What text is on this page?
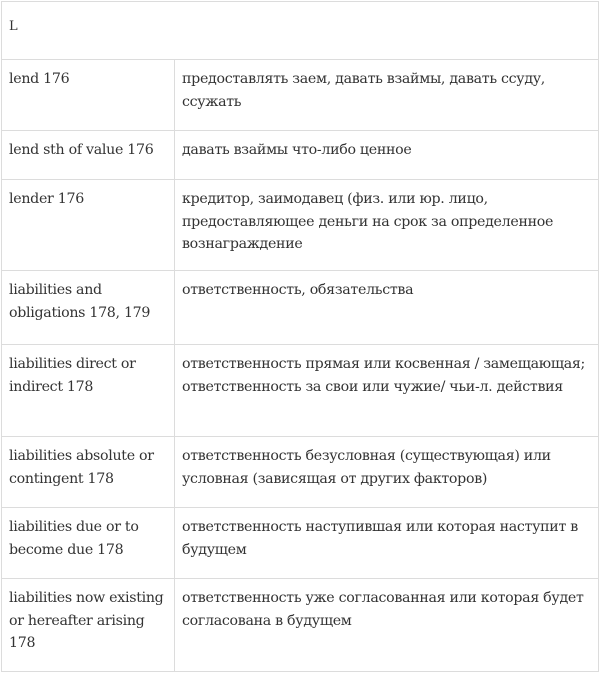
L	
lend 176	предоставлять заем, давать взаймы, давать ссуду, ссужать
lend sth of value 176	давать взаймы что-либо ценное
lender 176	кредитор, заимодавец (физ. или юр. лицо, предоставляющее деньги на срок за определенное вознаграждение
liabilities and obligations 178, 179	ответственность, обязательства
liabilities direct or indirect 178	ответственность прямая или косвенная / замещающая; ответственность за свои или чужие/ чьи-л. действия
liabilities absolute or contingent 178	ответственность безусловная (существующая) или условная (зависящая от других факторов)
liabilities due or to become due 178	ответственность наступившая или которая наступит в будущем
liabilities now existing or hereafter arising 178	ответственность уже согласованная или которая будет согласована в будущем
